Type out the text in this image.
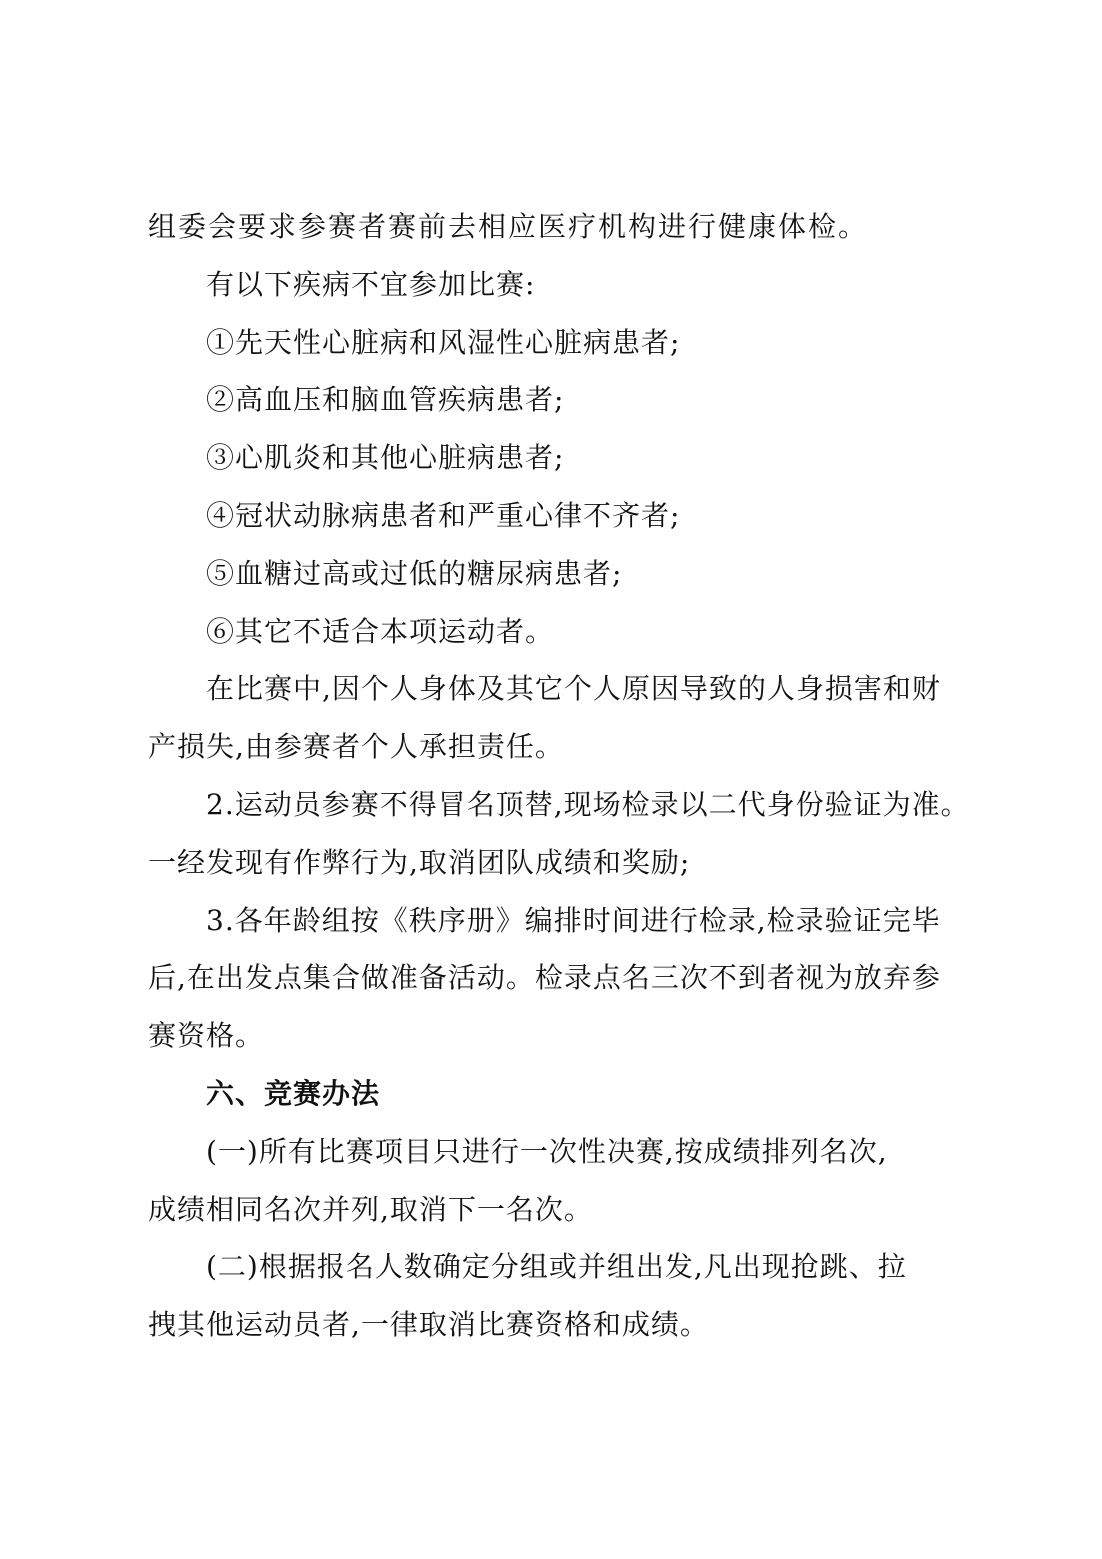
组委会要求参赛者赛前去相应医疗机构进行健康体检。
有以下疾病不宜参加比赛:
①先天性心脏病和风湿性心脏病患者;
②高血压和脑血管疾病患者;
③心肌炎和其他心脏病患者;
④冠状动脉病患者和严重心律不齐者;
⑤血糖过高或过低的糖尿病患者;
⑥其它不适合本项运动者。
在比赛中,因个人身体及其它个人原因导致的人身损害和财
产损失,由参赛者个人承担责任。
2.运动员参赛不得冒名顶替,现场检录以二代身份验证为准。
一经发现有作弊行为,取消团队成绩和奖励;
3.各年龄组按《秩序册》编排时间进行检录,检录验证完毕
后,在出发点集合做准备活动。检录点名三次不到者视为放弃参
赛资格。
六、竞赛办法
(一)所有比赛项目只进行一次性决赛,按成绩排列名次,
成绩相同名次并列,取消下一名次。
(二)根据报名人数确定分组或并组出发,凡出现抢跳、拉
拽其他运动员者,一律取消比赛资格和成绩。
